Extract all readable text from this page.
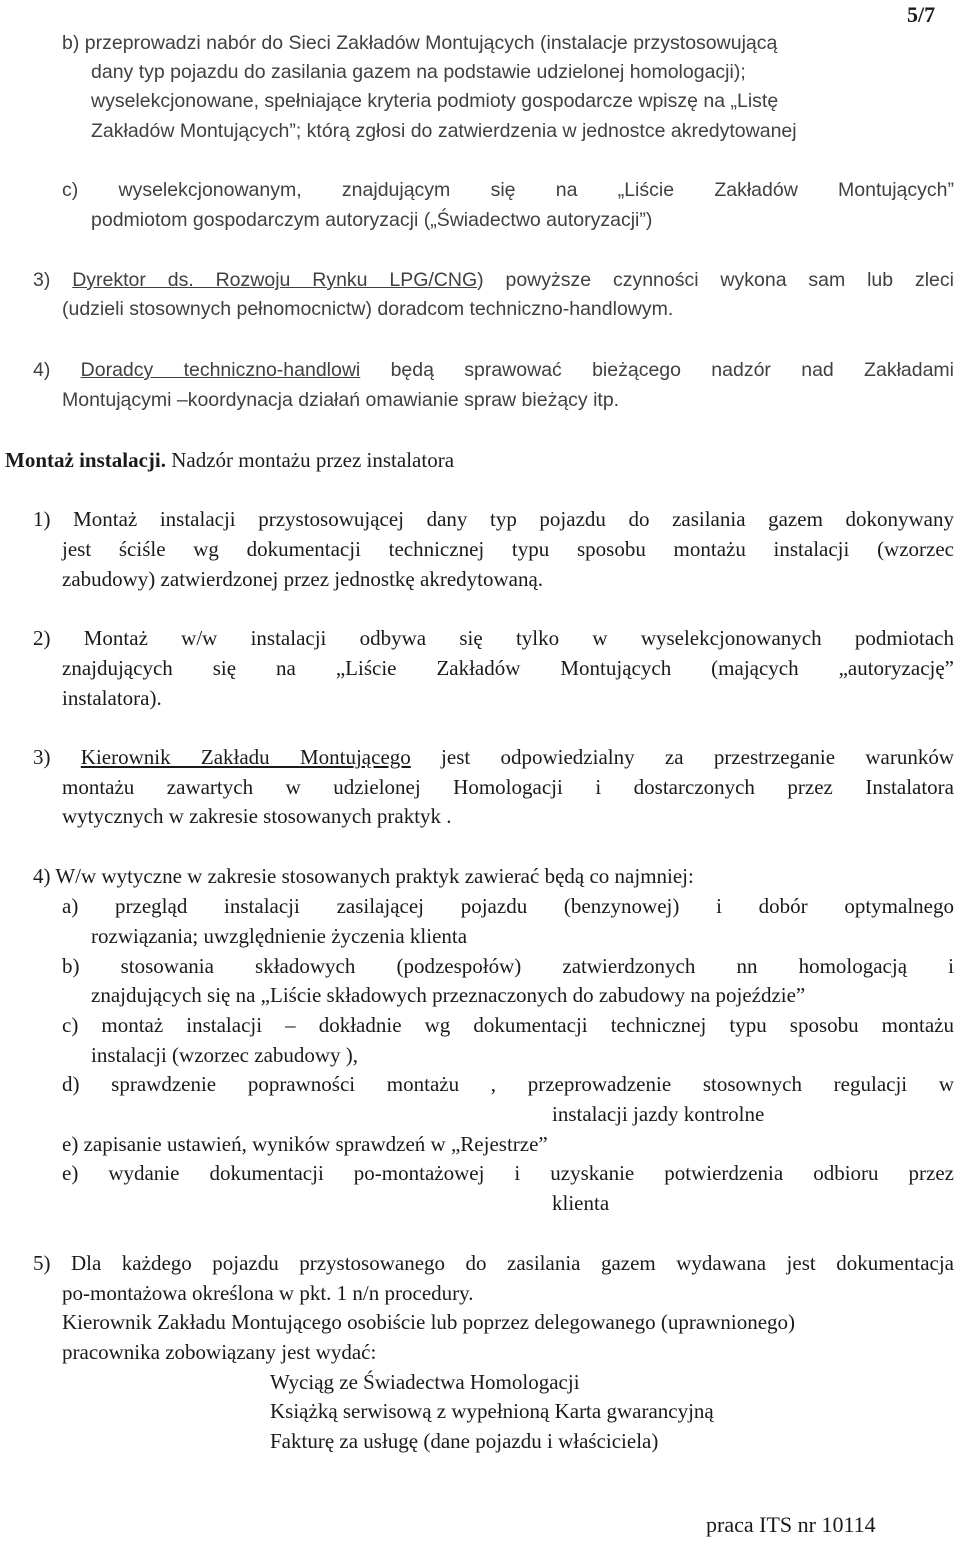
5/7
b) przeprowadzi nabór do Sieci Zakładów Montujących (instalacje przystosowującą
dany typ pojazdu do zasilania gazem na podstawie udzielonej homologacji);
wyselekcjonowane, spełniające kryteria podmioty gospodarcze wpiszę na „Listę
Zakładów Montujących”; którą zgłosi do zatwierdzenia w jednostce akredytowanej
c) wyselekcjonowanym, znajdującym się na „Liście Zakładów Montujących”
podmiotom gospodarczym autoryzacji („Świadectwo autoryzacji”)
3) Dyrektor ds. Rozwoju Rynku LPG/CNG) powyższe czynności wykona sam lub zleci
(udzieli stosownych pełnomocnictw) doradcom techniczno-handlowym.
4) Doradcy techniczno-handlowi będą sprawować bieżącego nadzór nad Zakładami
Montującymi –koordynacja działań omawianie spraw bieżący itp.
Montaż instalacji. Nadzór montażu przez instalatora
1) Montaż instalacji przystosowującej dany typ pojazdu do zasilania gazem dokonywany
jest ściśle wg dokumentacji technicznej typu sposobu montażu instalacji (wzorzec
zabudowy) zatwierdzonej przez jednostkę akredytowaną.
2) Montaż w/w instalacji odbywa się tylko w wyselekcjonowanych podmiotach
znajdujących się na „Liście Zakładów Montujących (mających „autoryzację”
instalatora).
3) Kierownik Zakładu Montującego jest odpowiedzialny za przestrzeganie warunków
montażu zawartych w udzielonej Homologacji i dostarczonych przez Instalatora
wytycznych w zakresie stosowanych praktyk .
4) W/w wytyczne w zakresie stosowanych praktyk zawierać będą co najmniej:
a) przegląd instalacji zasilającej pojazdu (benzynowej) i dobór optymalnego
rozwiązania; uwzględnienie życzenia klienta
b) stosowania składowych (podzespołów) zatwierdzonych nn homologacją i
znajdujących się na „Liście składowych przeznaczonych do zabudowy na pojeździe”
c) montaż instalacji – dokładnie wg dokumentacji technicznej typu sposobu montażu
instalacji (wzorzec zabudowy ),
d) sprawdzenie poprawności montażu , przeprowadzenie stosownych regulacji w
instalacji jazdy kontrolne
e) zapisanie ustawień, wyników sprawdzeń w „Rejestrze”
e) wydanie dokumentacji po-montażowej i uzyskanie potwierdzenia odbioru przez
klienta
5) Dla każdego pojazdu przystosowanego do zasilania gazem wydawana jest dokumentacja
po-montażowa określona w pkt. 1 n/n procedury.
Kierownik Zakładu Montującego osobiście lub poprzez delegowanego (uprawnionego)
pracownika zobowiązany jest wydać:
Wyciąg ze Świadectwa Homologacji
Książką serwisową z wypełnioną Karta gwarancyjną
Fakturę za usługę (dane pojazdu i właściciela)
praca ITS nr 10114
